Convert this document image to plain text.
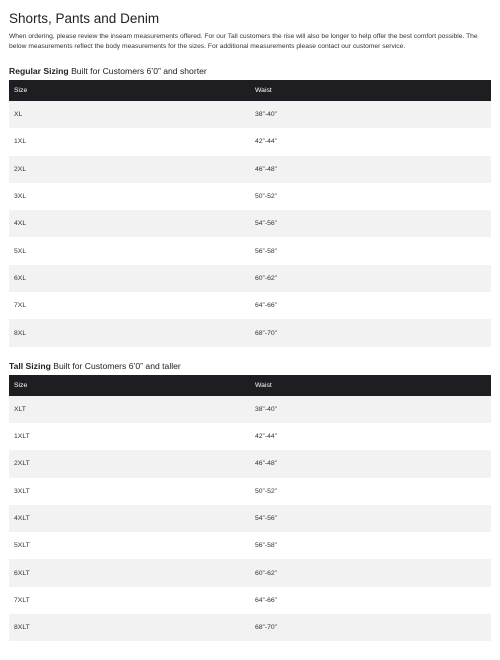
Shorts, Pants and Denim

When ordering, please review the inseam measurements offered. For our Tall customers the rise will also be longer to help offer the best comfort possible. The below measurements reflect the body measurements for the sizes. For additional measurements please contact our customer service.

Regular Sizing Built for Customers 6’0” and shorter
Size	Waist
XL	38”-40”
1XL	42”-44”
2XL	46”-48”
3XL	50”-52”
4XL	54”-56”
5XL	56”-58”
6XL	60”-62”
7XL	64”-66”
8XL	68”-70”
Tall Sizing Built for Customers 6’0” and taller
Size	Waist
XLT	38”-40”
1XLT	42”-44”
2XLT	46”-48”
3XLT	50”-52”
4XLT	54”-56”
5XLT	56”-58”
6XLT	60”-62”
7XLT	64”-66”
8XLT	68”-70”
